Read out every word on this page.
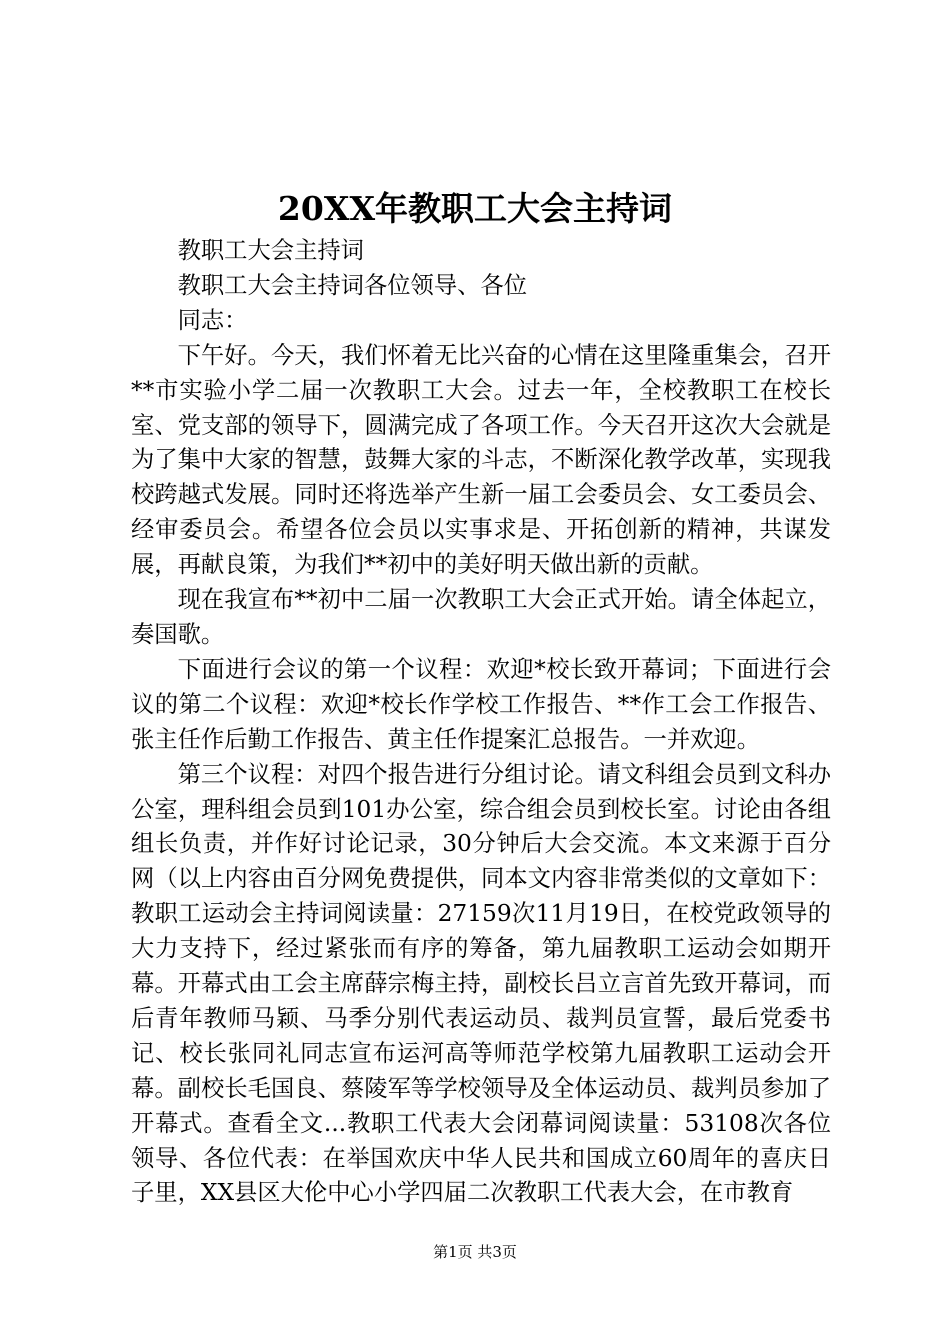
20XX年教职工大会主持词

教职工大会主持词

教职工大会主持词各位领导、各位

同志：

下午好。今天，我们怀着无比兴奋的心情在这里隆重集会，召开**市实验小学二届一次教职工大会。过去一年，全校教职工在校长室、党支部的领导下，圆满完成了各项工作。今天召开这次大会就是为了集中大家的智慧，鼓舞大家的斗志，不断深化教学改革，实现我校跨越式发展。同时还将选举产生新一届工会委员会、女工委员会、经审委员会。希望各位会员以实事求是、开拓创新的精神，共谋发展，再献良策，为我们**初中的美好明天做出新的贡献。

现在我宣布**初中二届一次教职工大会正式开始。请全体起立，奏国歌。

下面进行会议的第一个议程：欢迎*校长致开幕词；下面进行会议的第二个议程：欢迎*校长作学校工作报告、**作工会工作报告、张主任作后勤工作报告、黄主任作提案汇总报告。一并欢迎。

第三个议程：对四个报告进行分组讨论。请文科组会员到文科办公室，理科组会员到101办公室，综合组会员到校长室。讨论由各组组长负责，并作好讨论记录，30分钟后大会交流。本文来源于百分网（以上内容由百分网免费提供，同本文内容非常类似的文章如下：教职工运动会主持词阅读量：27159次11月19日，在校党政领导的大力支持下，经过紧张而有序的筹备，第九届教职工运动会如期开幕。开幕式由工会主席薛宗梅主持，副校长吕立言首先致开幕词，而后青年教师马颖、马季分别代表运动员、裁判员宣誓，最后党委书记、校长张同礼同志宣布运河高等师范学校第九届教职工运动会开幕。副校长毛国良、蔡陵军等学校领导及全体运动员、裁判员参加了开幕式。查看全文...教职工代表大会闭幕词阅读量：53108次各位领导、各位代表：在举国欢庆中华人民共和国成立60周年的喜庆日子里，XX县区大伦中心小学四届二次教职工代表大会，在市教育

第1页 共3页
